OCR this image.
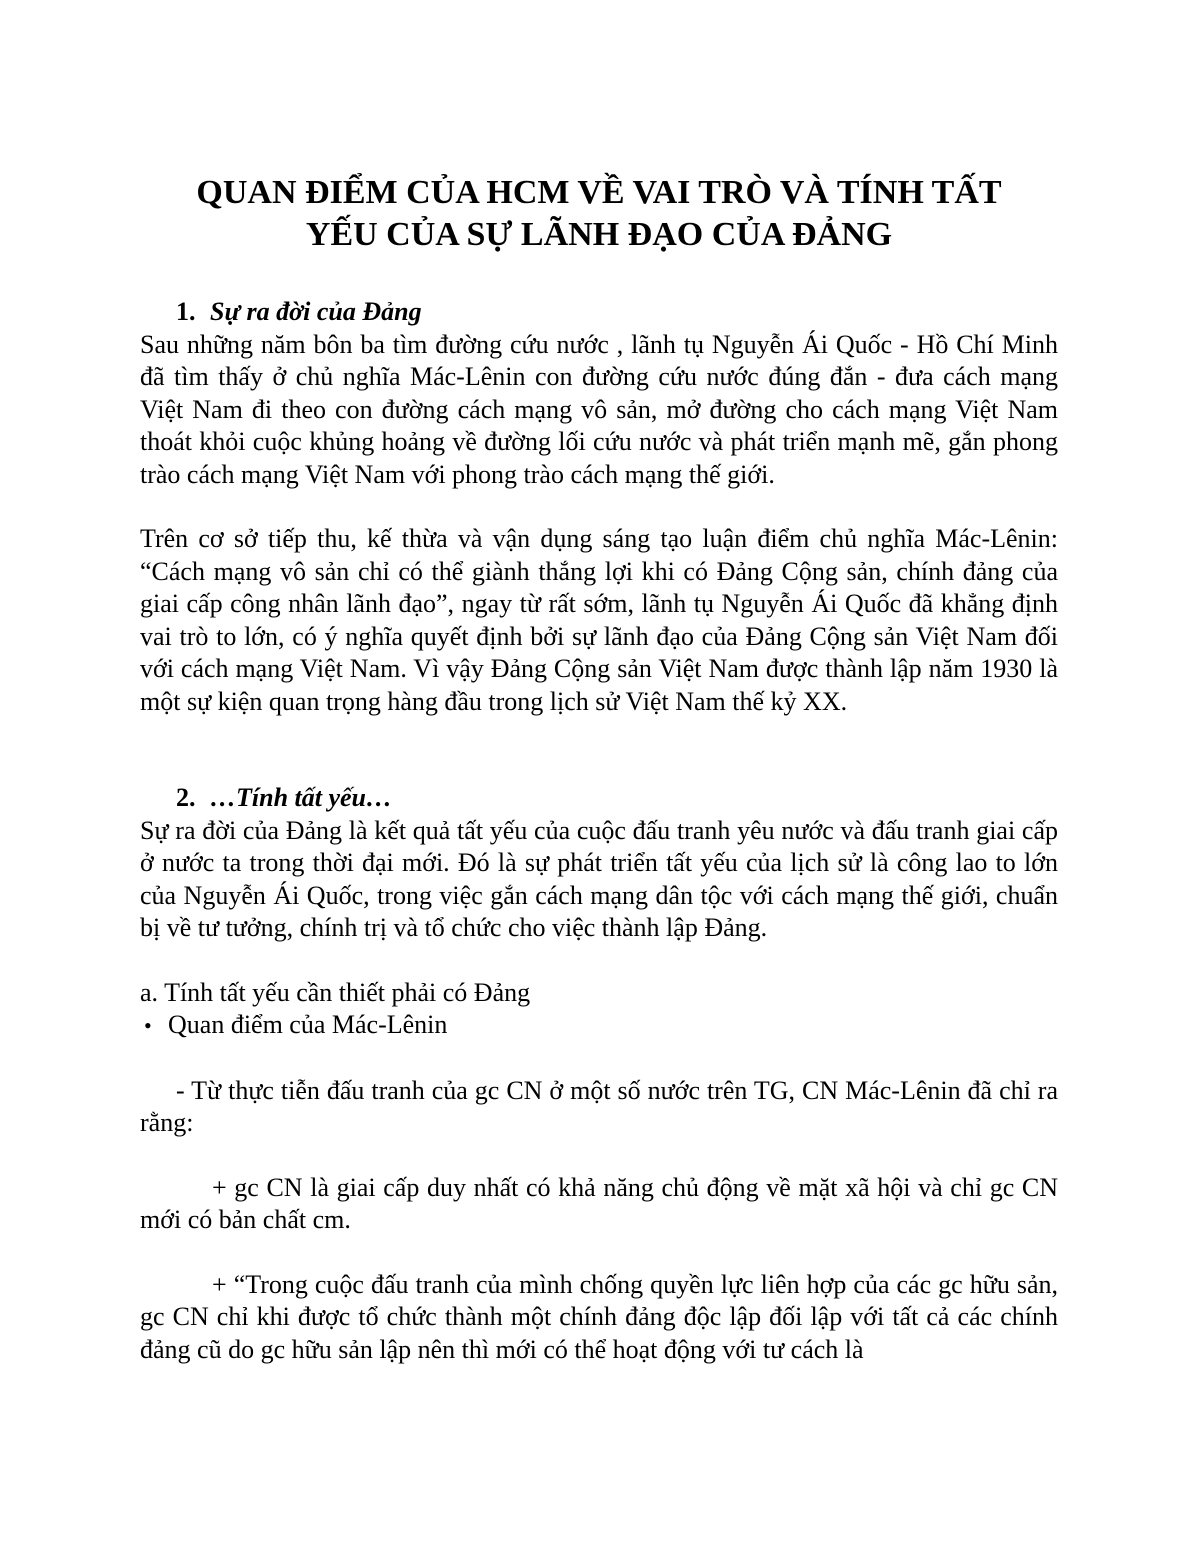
QUAN ĐIỂM CỦA HCM VỀ VAI TRÒ VÀ TÍNH TẤT
YẾU CỦA SỰ LÃNH ĐẠO CỦA ĐẢNG
1. Sự ra đời của Đảng

Sau những năm bôn ba tìm đường cứu nước , lãnh tụ Nguyễn Ái Quốc - Hồ Chí Minh đã tìm thấy ở chủ nghĩa Mác-Lênin con đường cứu nước đúng đắn - đưa cách mạng Việt Nam đi theo con đường cách mạng vô sản, mở đường cho cách mạng Việt Nam thoát khỏi cuộc khủng hoảng về đường lối cứu nước và phát triển mạnh mẽ, gắn phong trào cách mạng Việt Nam với phong trào cách mạng thế giới.

Trên cơ sở tiếp thu, kế thừa và vận dụng sáng tạo luận điểm chủ nghĩa Mác-Lênin: “Cách mạng vô sản chỉ có thể giành thắng lợi khi có Đảng Cộng sản, chính đảng của giai cấp công nhân lãnh đạo”, ngay từ rất sớm, lãnh tụ Nguyễn Ái Quốc đã khẳng định vai trò to lớn, có ý nghĩa quyết định bởi sự lãnh đạo của Đảng Cộng sản Việt Nam đối với cách mạng Việt Nam. Vì vậy Đảng Cộng sản Việt Nam được thành lập năm 1930 là một sự kiện quan trọng hàng đầu trong lịch sử Việt Nam thế kỷ XX.

2. …Tính tất yếu…

Sự ra đời của Đảng là kết quả tất yếu của cuộc đấu tranh yêu nước và đấu tranh giai cấp ở nước ta trong thời đại mới. Đó là sự phát triển tất yếu của lịch sử là công lao to lớn của Nguyễn Ái Quốc, trong việc gắn cách mạng dân tộc với cách mạng thế giới, chuẩn bị về tư tưởng, chính trị và tổ chức cho việc thành lập Đảng.

a. Tính tất yếu cần thiết phải có Đảng

• Quan điểm của Mác-Lênin

- Từ thực tiễn đấu tranh của gc CN ở một số nước trên TG, CN Mác-Lênin đã chỉ ra rằng:

+ gc CN là giai cấp duy nhất có khả năng chủ động về mặt xã hội và chỉ gc CN mới có bản chất cm.

+ “Trong cuộc đấu tranh của mình chống quyền lực liên hợp của các gc hữu sản, gc CN chỉ khi được tổ chức thành một chính đảng độc lập đối lập với tất cả các chính đảng cũ do gc hữu sản lập nên thì mới có thể hoạt động với tư cách là
